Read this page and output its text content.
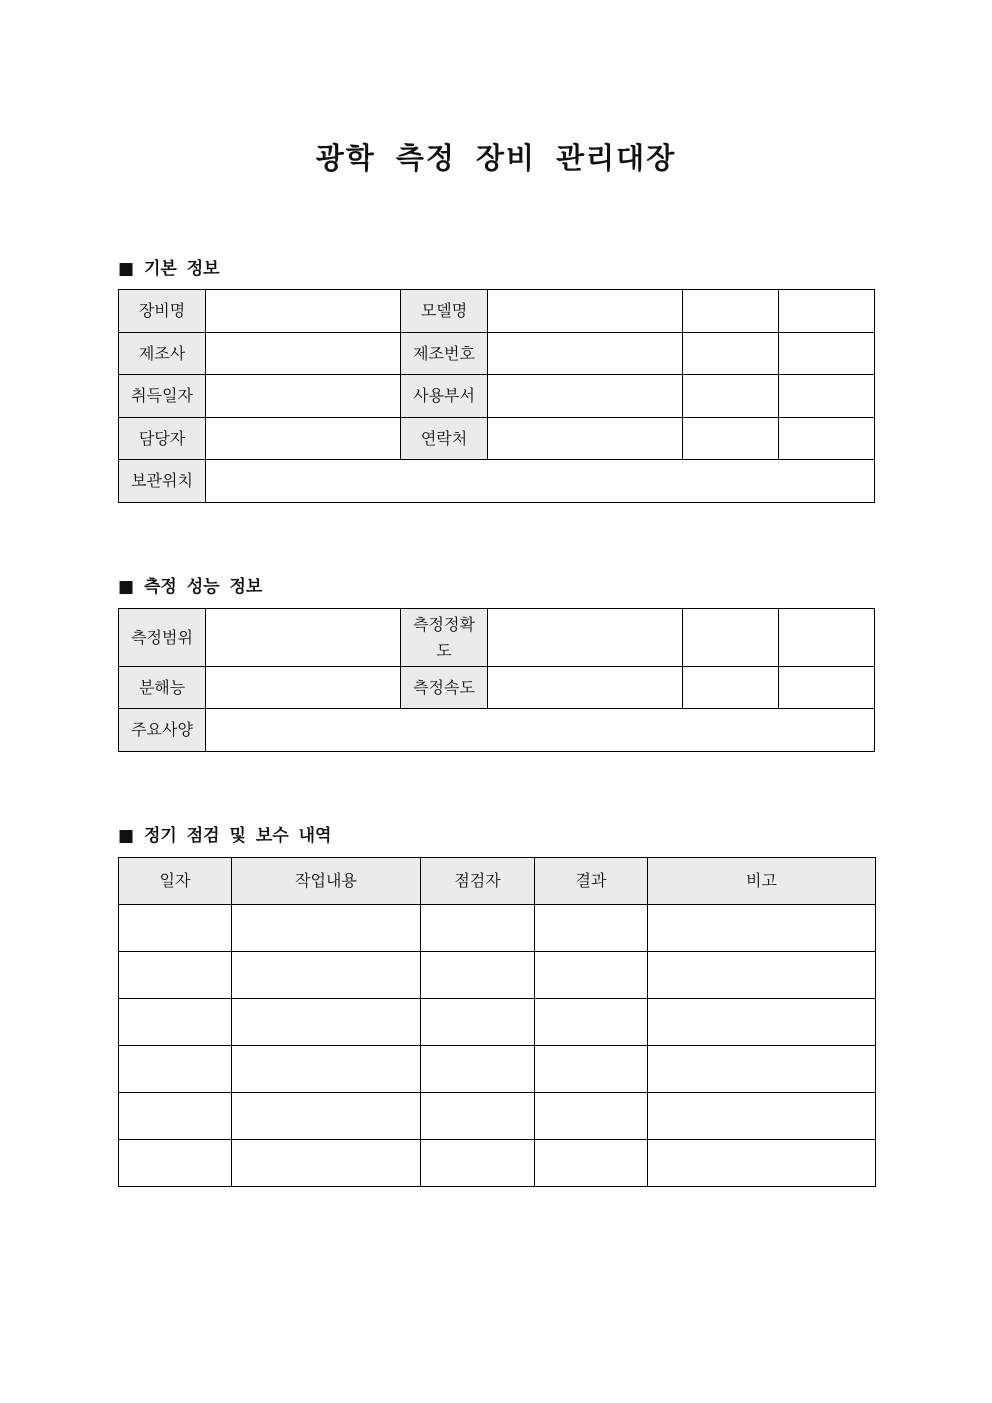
광학 측정 장비 관리대장
■ 기본 정보
장비명		모델명			
제조사		제조번호			
취득일자		사용부서			
담당자		연락처			
보관위치					
■ 측정 성능 정보
측정범위		측정정확도			
분해능		측정속도			
주요사양					
■ 정기 점검 및 보수 내역
일자	작업내용	점검자	결과	비고
